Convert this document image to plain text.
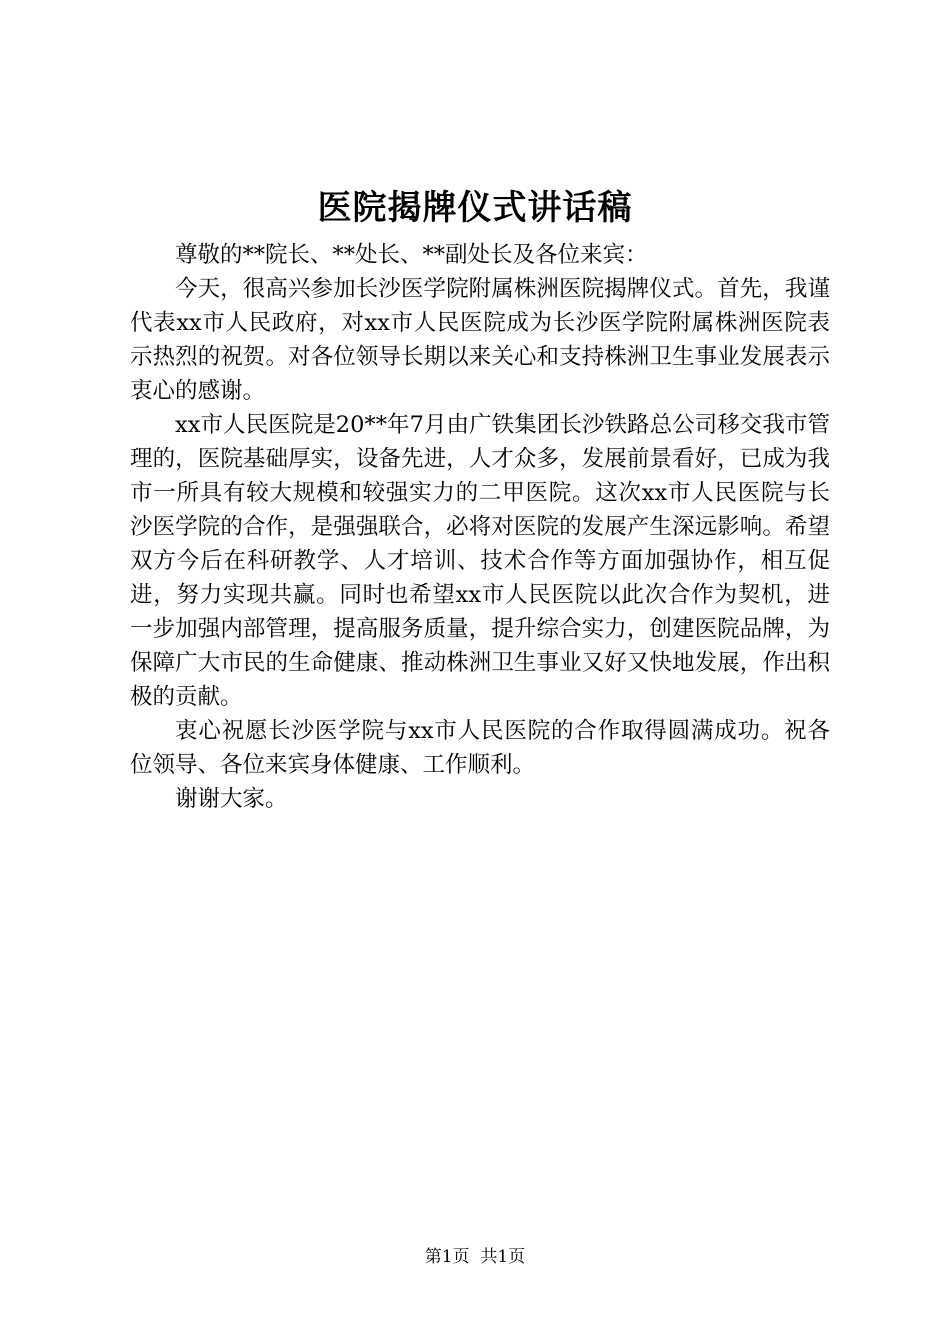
医院揭牌仪式讲话稿

尊敬的**院长、**处长、**副处长及各位来宾：

今天，很高兴参加长沙医学院附属株洲医院揭牌仪式。首先，我谨代表xx市人民政府，对xx市人民医院成为长沙医学院附属株洲医院表示热烈的祝贺。对各位领导长期以来关心和支持株洲卫生事业发展表示衷心的感谢。

xx市人民医院是20**年7月由广铁集团长沙铁路总公司移交我市管理的，医院基础厚实，设备先进，人才众多，发展前景看好，已成为我市一所具有较大规模和较强实力的二甲医院。这次xx市人民医院与长沙医学院的合作，是强强联合，必将对医院的发展产生深远影响。希望双方今后在科研教学、人才培训、技术合作等方面加强协作，相互促进，努力实现共赢。同时也希望xx市人民医院以此次合作为契机，进一步加强内部管理，提高服务质量，提升综合实力，创建医院品牌，为保障广大市民的生命健康、推动株洲卫生事业又好又快地发展，作出积极的贡献。

衷心祝愿长沙医学院与xx市人民医院的合作取得圆满成功。祝各位领导、各位来宾身体健康、工作顺利。

谢谢大家。

第1页 共1页
